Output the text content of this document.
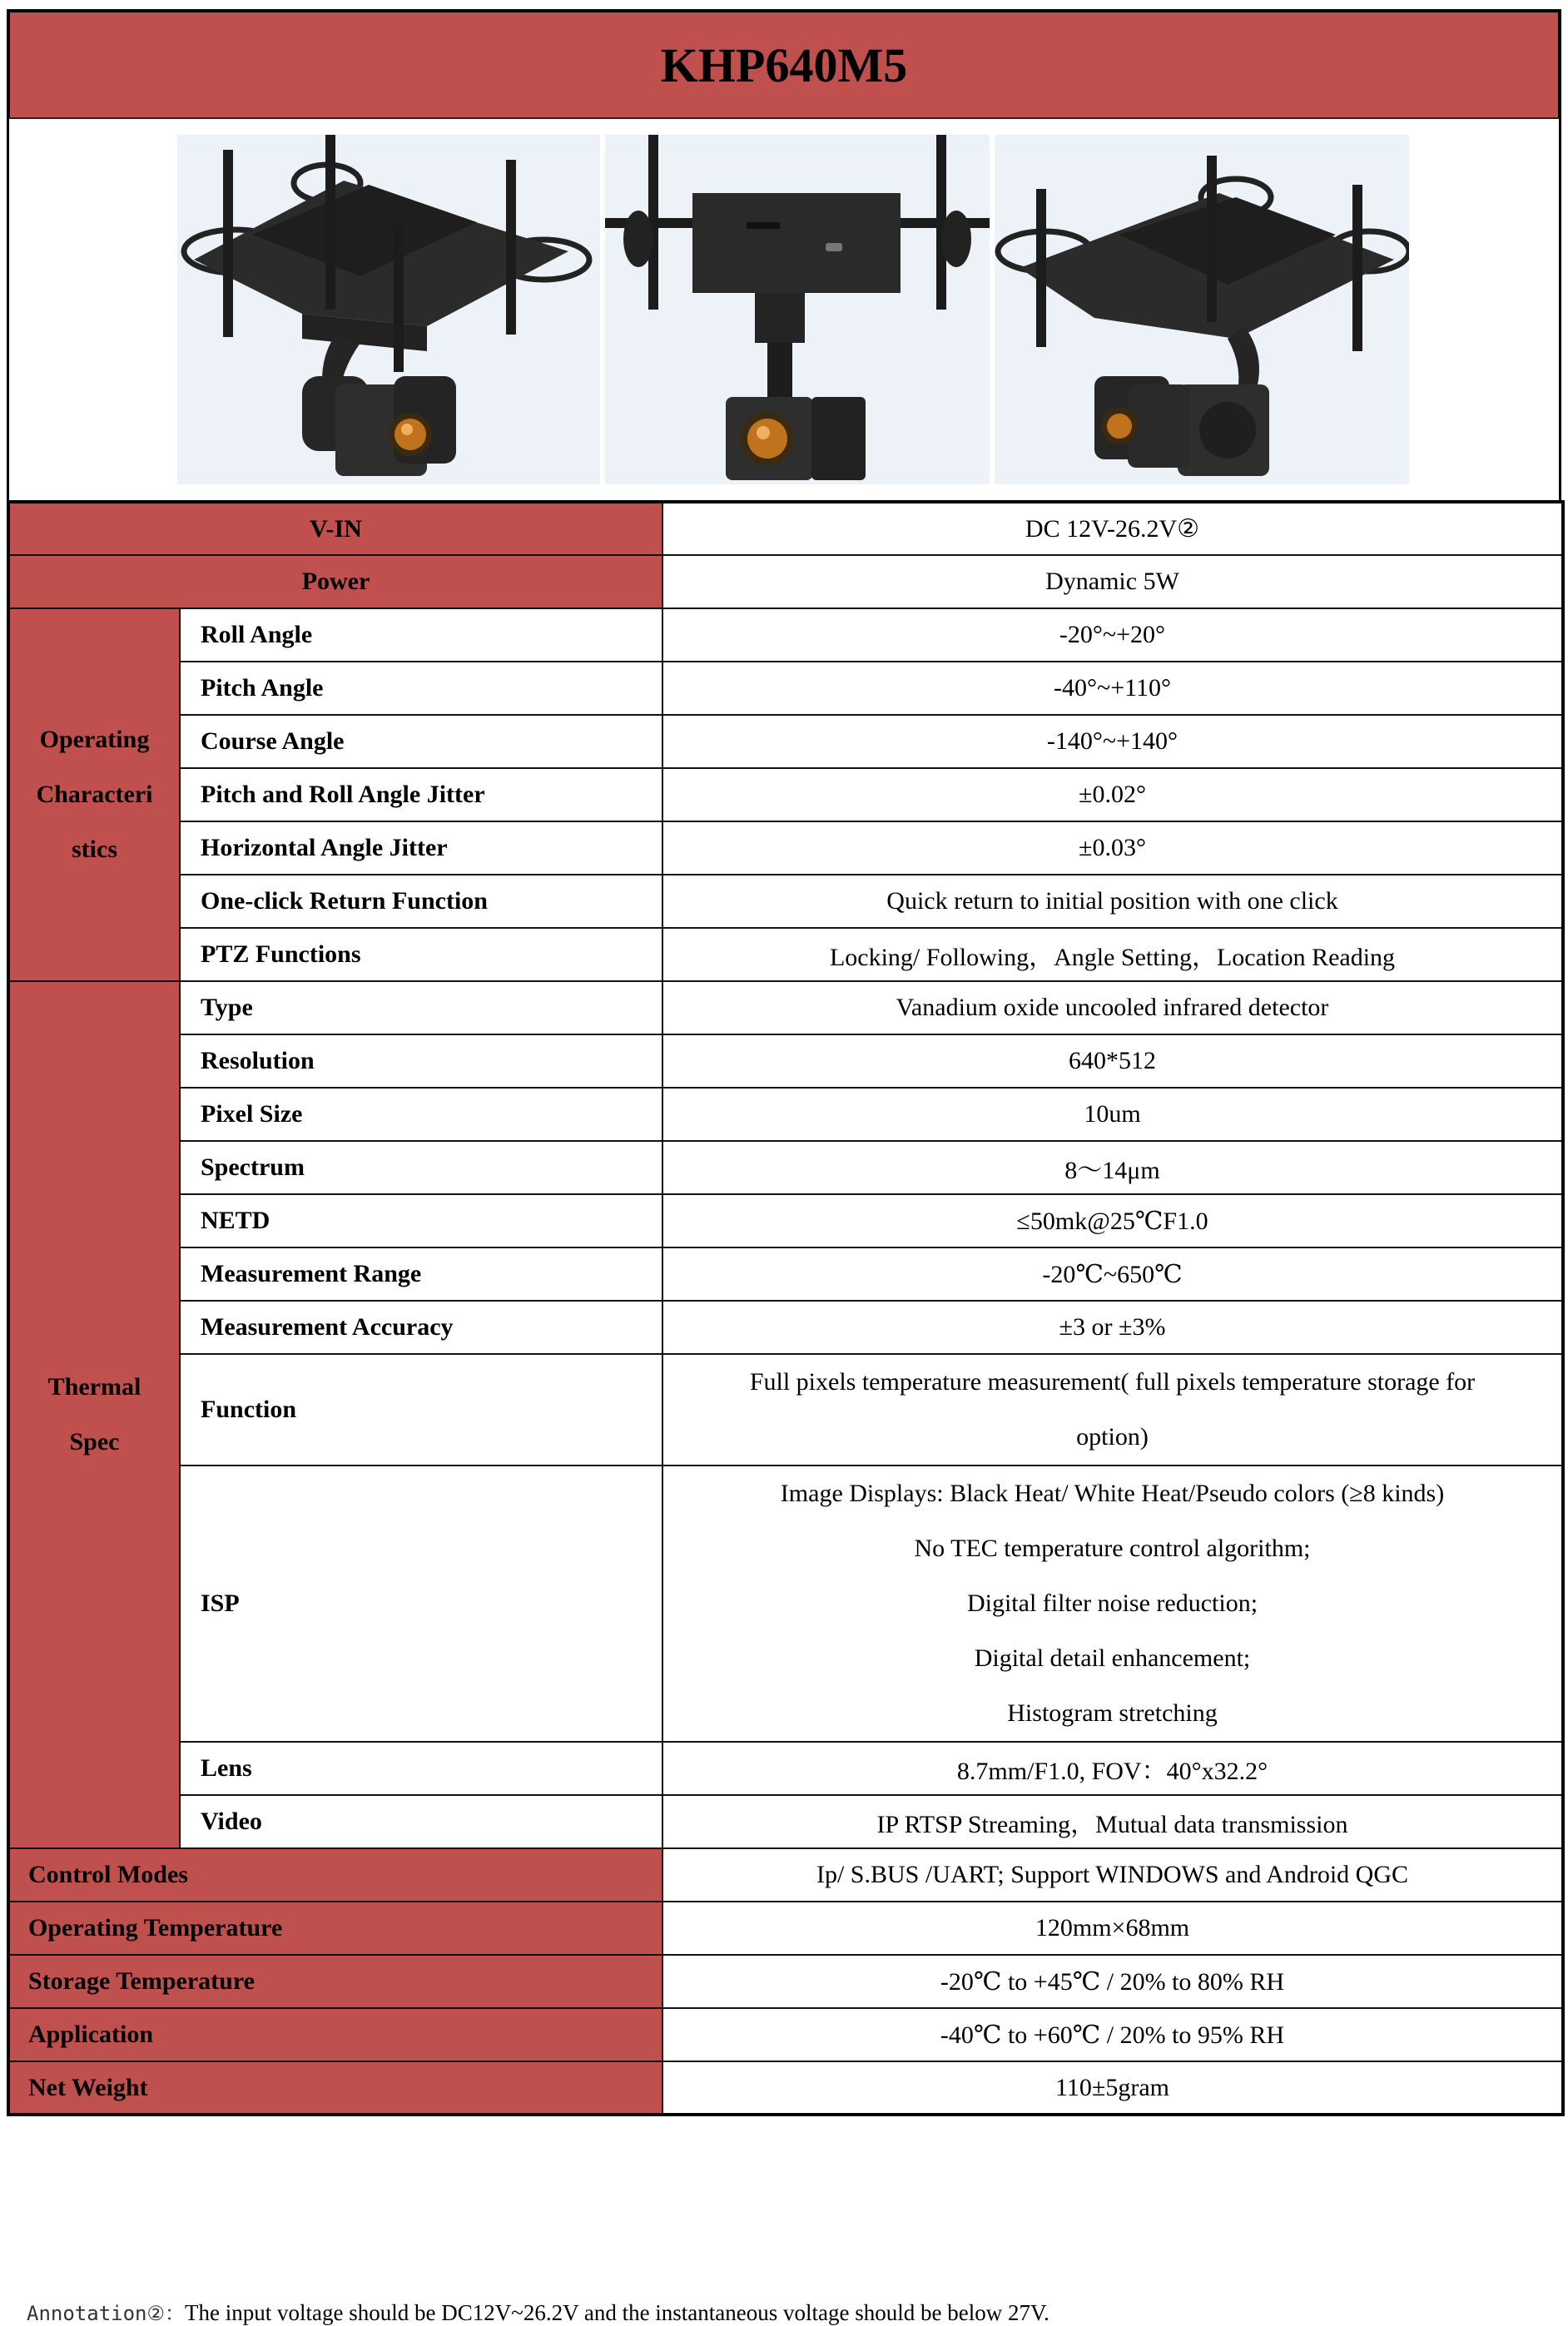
KHP640M5
V-IN		DC 12V-26.2V②
Power		Dynamic 5W

Operating
Characteri
stics	Roll Angle	-20°~+20°
	Pitch Angle	-40°~+110°
	Course Angle	-140°~+140°
	Pitch and Roll Angle Jitter	±0.02°
	Horizontal Angle Jitter	±0.03°
	One-click Return Function	Quick return to initial position with one click
	PTZ Functions	Locking/ Following，Angle Setting，Location Reading

Thermal
Spec	Type	Vanadium oxide uncooled infrared detector
	Resolution	640*512
	Pixel Size	10um
	Spectrum	8～14μm
	NETD	≤50mk@25℃F1.0
	Measurement Range	-20℃~650℃
	Measurement Accuracy	±3 or ±3%
	Function	Full pixels temperature measurement( full pixels temperature storage for
option)

	ISP	Image Displays: Black Heat/ White Heat/Pseudo colors (≥8 kinds)
No TEC temperature control algorithm;
Digital filter noise reduction;
Digital detail enhancement;
Histogram stretching

	Lens	8.7mm/F1.0, FOV：40°x32.2°
	Video	IP RTSP Streaming，Mutual data transmission
Control Modes		Ip/ S.BUS /UART; Support WINDOWS and Android QGC
Operating Temperature		120mm×68mm
Storage Temperature		-20℃ to +45℃ / 20% to 80% RH
Application		-40℃ to +60℃ / 20% to 95% RH
Net Weight		110±5gram
Annotation②：The input voltage should be DC12V~26.2V and the instantaneous voltage should be below 27V.
